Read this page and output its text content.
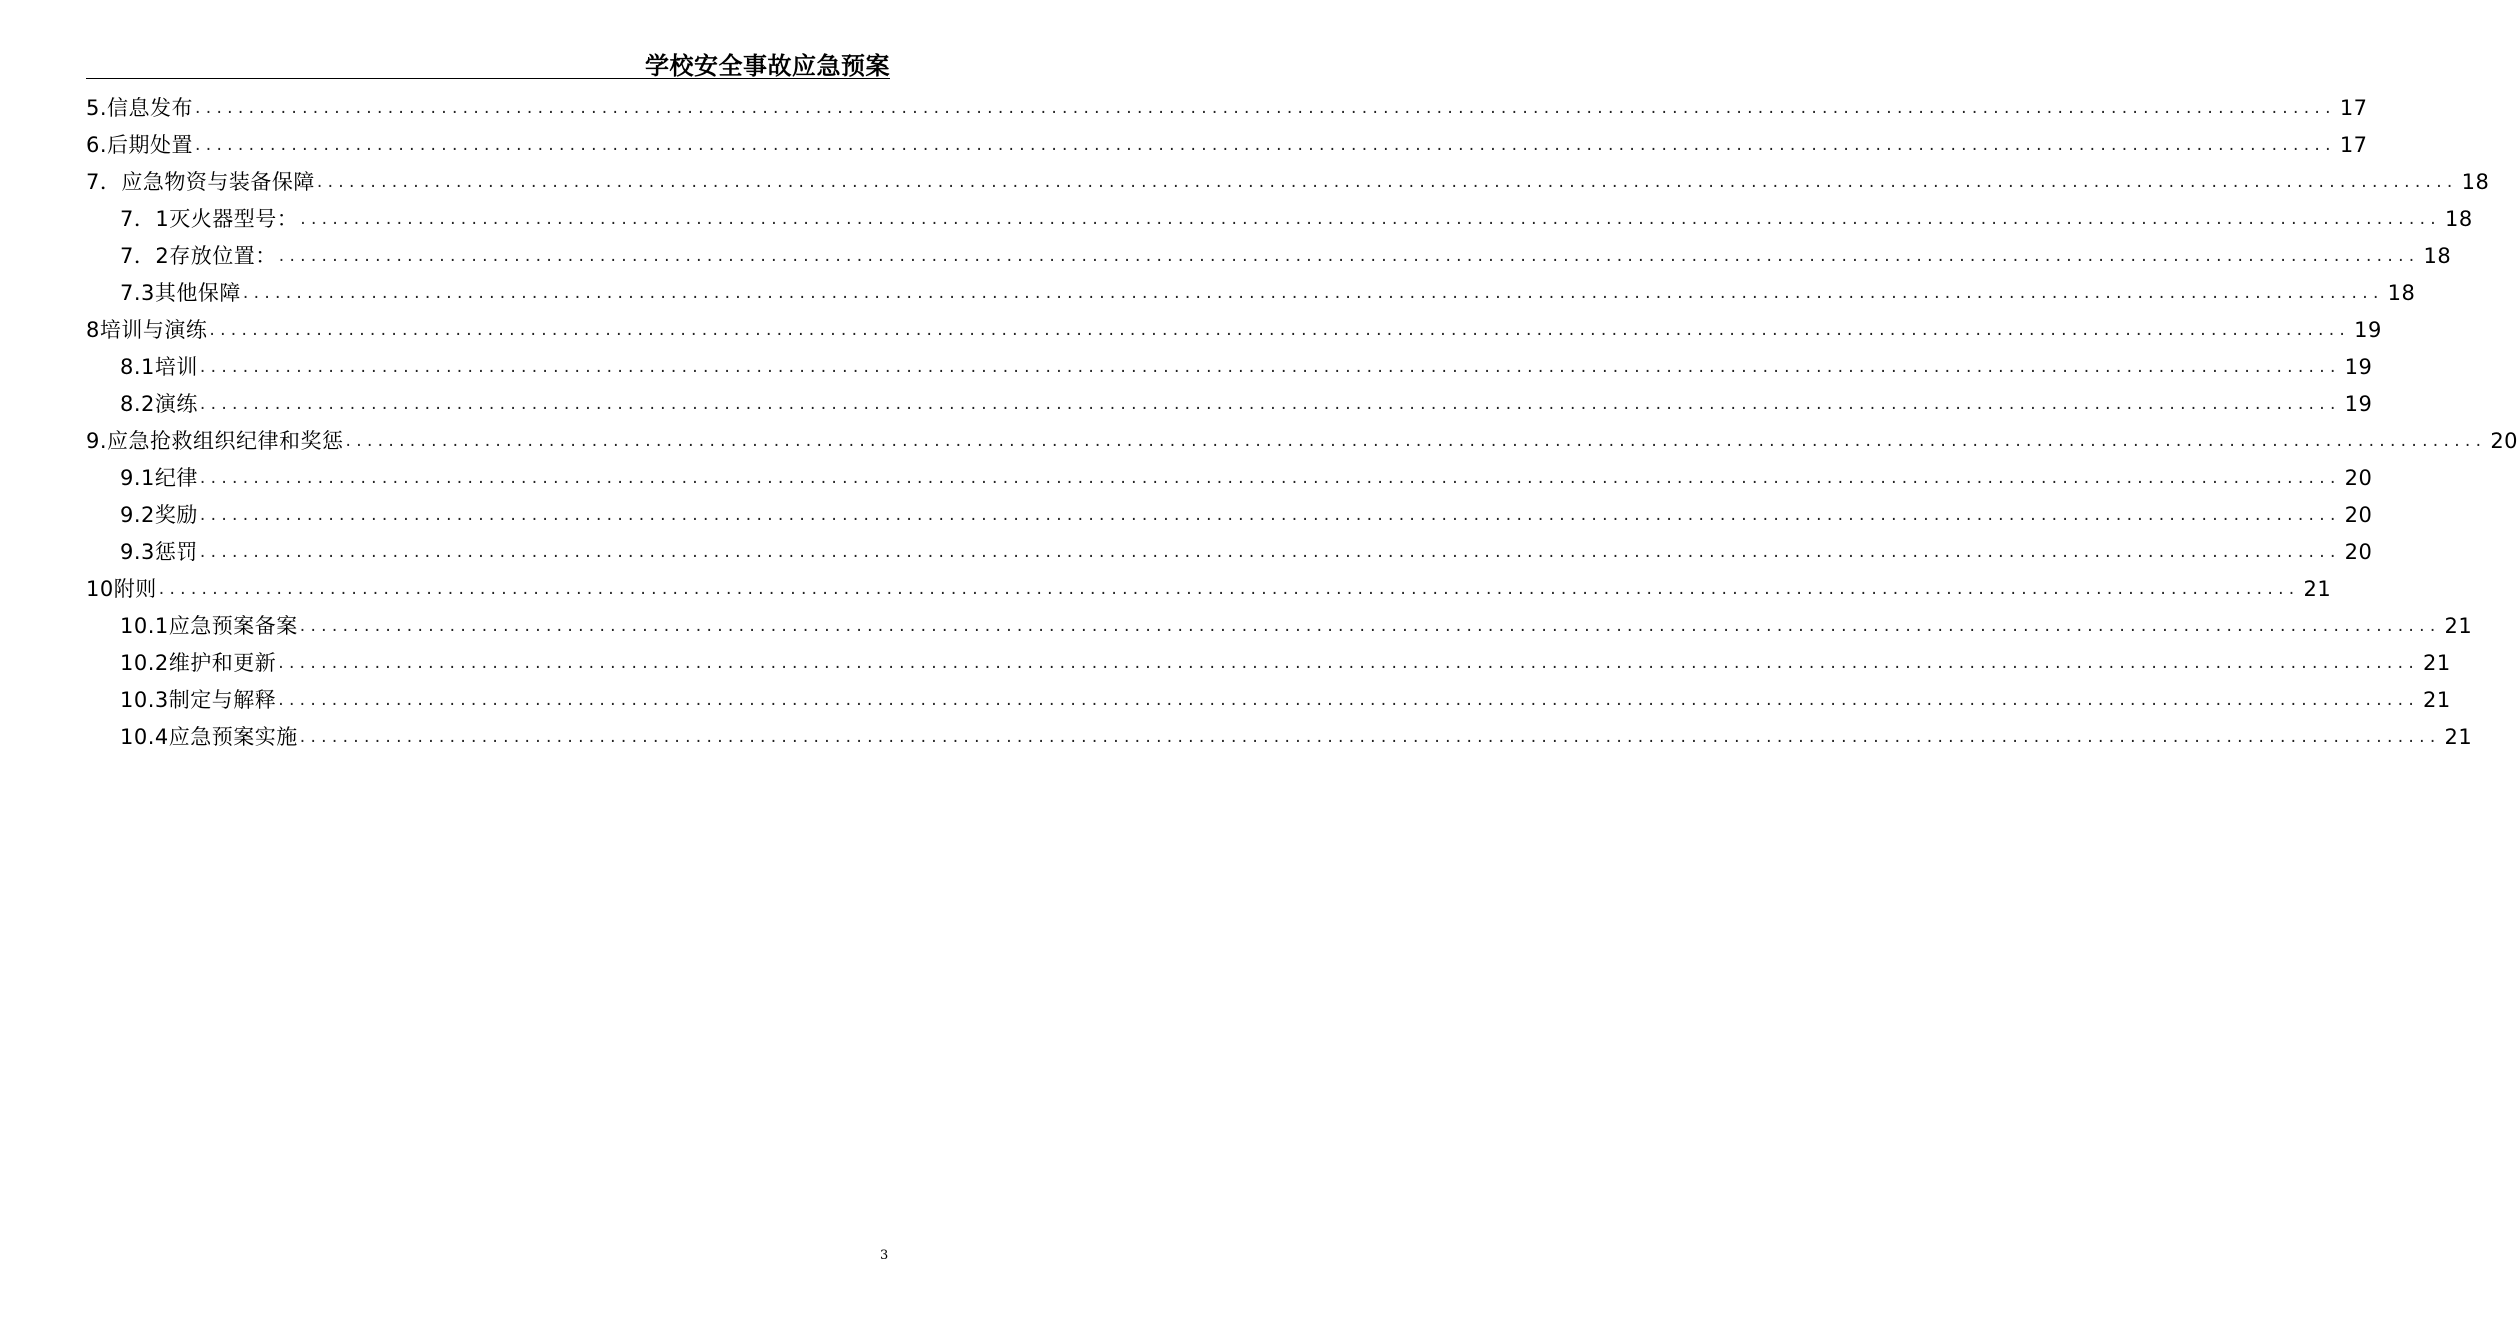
学校安全事故应急预案
5.信息发布 ........................................................................................................................................................................................................ 17
6.后期处置 ........................................................................................................................................................................................................ 17
7．应急物资与装备保障 ........................................................................................................................................................................................................ 18
7．1灭火器型号： ........................................................................................................................................................................................................ 18
7．2存放位置： ........................................................................................................................................................................................................ 18
7.3其他保障 ........................................................................................................................................................................................................ 18
8培训与演练 ........................................................................................................................................................................................................ 19
8.1培训 ........................................................................................................................................................................................................ 19
8.2演练 ........................................................................................................................................................................................................ 19
9.应急抢救组织纪律和奖惩 ........................................................................................................................................................................................................ 20
9.1纪律 ........................................................................................................................................................................................................ 20
9.2奖励 ........................................................................................................................................................................................................ 20
9.3惩罚 ........................................................................................................................................................................................................ 20
10附则 ........................................................................................................................................................................................................ 21
10.1应急预案备案 ........................................................................................................................................................................................................ 21
10.2维护和更新 ........................................................................................................................................................................................................ 21
10.3制定与解释 ........................................................................................................................................................................................................ 21
10.4应急预案实施 ........................................................................................................................................................................................................ 21
3
